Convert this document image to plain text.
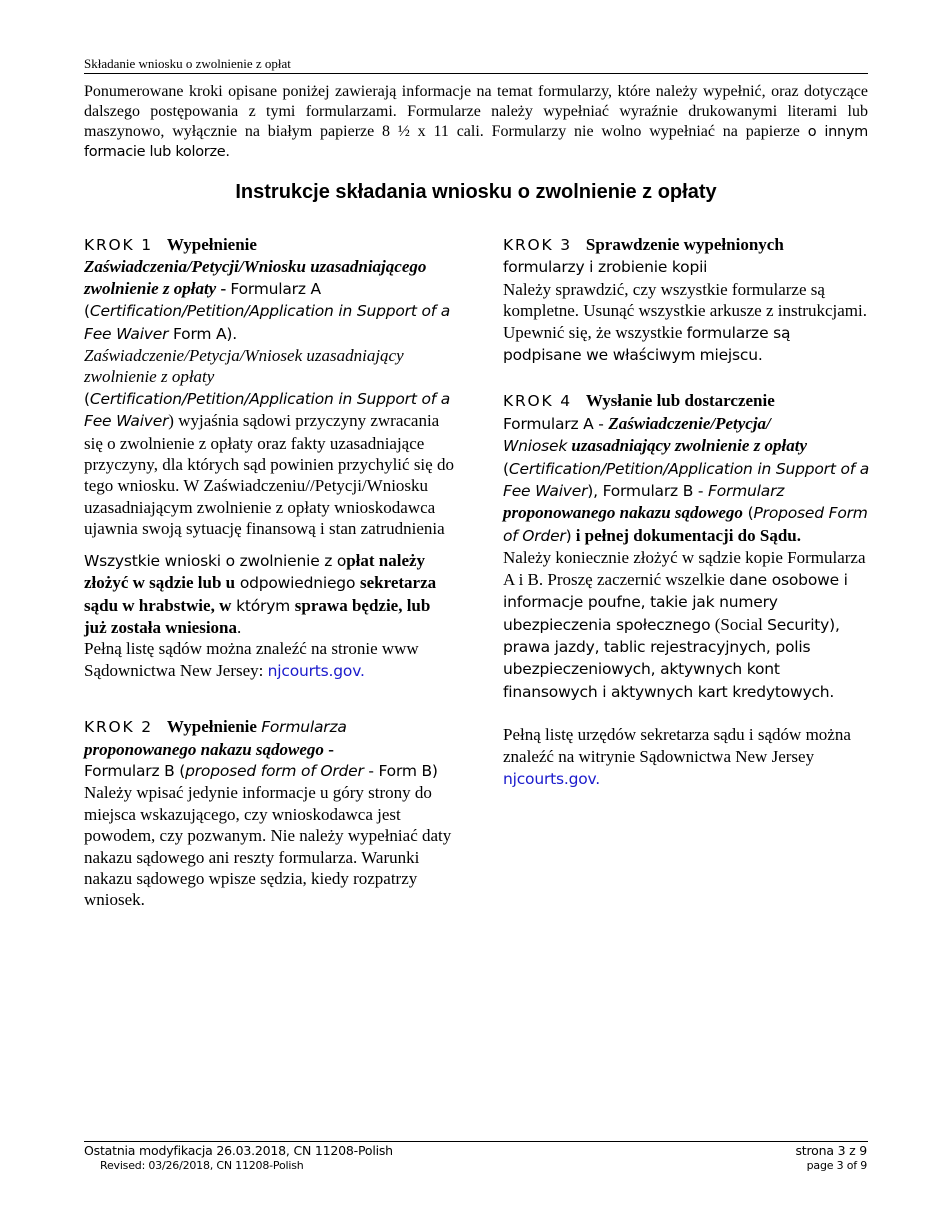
Składanie wniosku o zwolnienie z opłat
Ponumerowane kroki opisane poniżej zawierają informacje na temat formularzy, które należy wypełnić, oraz dotyczące dalszego postępowania z tymi formularzami. Formularze należy wypełniać wyraźnie drukowanymi literami lub maszynowo, wyłącznie na białym papierze 8 ½ x 11 cali. Formularzy nie wolno wypełniać na papierze o innym formacie lub kolorze.
Instrukcje składania wniosku o zwolnienie z opłaty
KROK 1 Wypełnienie Zaświadczenia/Petycji/Wniosku uzasadniającego zwolnienie z opłaty - Formularz A
(Certification/Petition/Application in Support of a Fee Waiver Form A).
Zaświadczenie/Petycja/Wniosek uzasadniający zwolnienie z opłaty
(Certification/Petition/Application in Support of a Fee Waiver) wyjaśnia sądowi przyczyny zwracania się o zwolnienie z opłaty oraz fakty uzasadniające przyczyny, dla których sąd powinien przychylić się do tego wniosku. W Zaświadczeniu//Petycji/Wniosku uzasadniającym zwolnienie z opłaty wnioskodawca ujawnia swoją sytuację finansową i stan zatrudnienia
Wszystkie wnioski o zwolnienie z opłat należy złożyć w sądzie lub u odpowiedniego sekretarza sądu w hrabstwie, w którym sprawa będzie, lub już została wniesiona.
Pełną listę sądów można znaleźć na stronie www Sądownictwa New Jersey: njcourts.gov.
KROK 2 Wypełnienie Formularza proponowanego nakazu sądowego -
Formularz B (proposed form of Order - Form B)
Należy wpisać jedynie informacje u góry strony do miejsca wskazującego, czy wnioskodawca jest powodem, czy pozwanym. Nie należy wypełniać daty nakazu sądowego ani reszty formularza. Warunki nakazu sądowego wpisze sędzia, kiedy rozpatrzy wniosek.
KROK 3 Sprawdzenie wypełnionych
formularzy i zrobienie kopii
Należy sprawdzić, czy wszystkie formularze są kompletne. Usunąć wszystkie arkusze z instrukcjami. Upewnić się, że wszystkie formularze są podpisane we właściwym miejscu.
KROK 4 Wysłanie lub dostarczenie
Formularz A - Zaświadczenie/Petycja/
Wniosek uzasadniający zwolnienie z opłaty
(Certification/Petition/Application in Support of a Fee Waiver), Formularz B - Formularz
proponowanego nakazu sądowego (Proposed Form of Order) i pełnej dokumentacji do Sądu.
Należy koniecznie złożyć w sądzie kopie Formularza A i B. Proszę zaczernić wszelkie dane osobowe i informacje poufne, takie jak numery ubezpieczenia społecznego (Social Security), prawa jazdy, tablic rejestracyjnych, polis ubezpieczeniowych, aktywnych kont finansowych i aktywnych kart kredytowych.
Pełną listę urzędów sekretarza sądu i sądów można znaleźć na witrynie Sądownictwa New Jersey njcourts.gov.
Ostatnia modyfikacja 26.03.2018, CN 11208-Polish
Revised: 03/26/2018, CN 11208-Polish
strona 3 z 9
page 3 of 9
